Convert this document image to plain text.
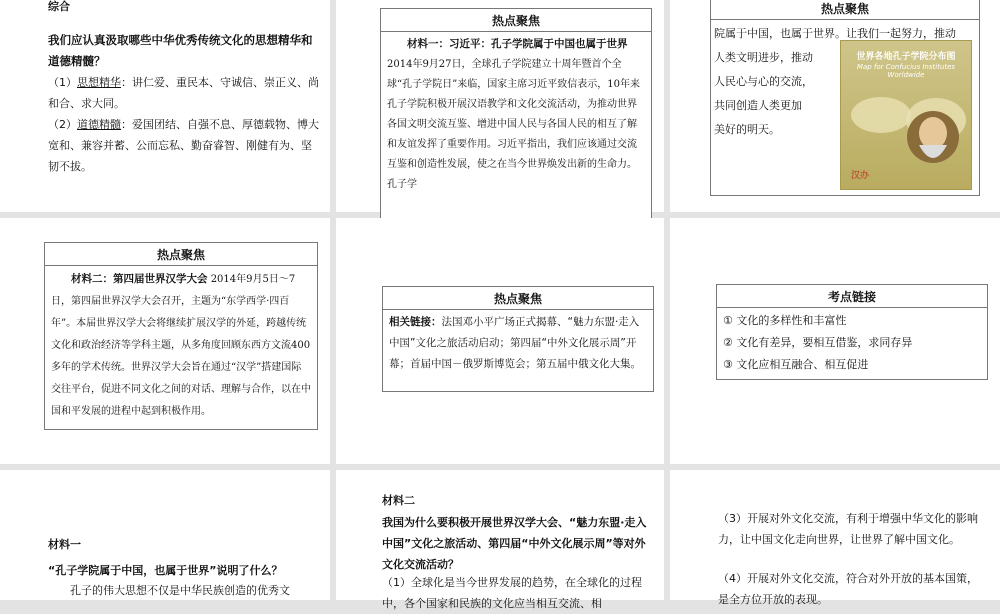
综合
我们应认真汲取哪些中华优秀传统文化的思想精华和道德精髓？
（1）思想精华：讲仁爱、重民本、守诚信、崇正义、尚和合、求大同。
（2）道德精髓：爱国团结、自强不息、厚德载物、博大宽和、兼容并蓄、公而忘私、勤奋睿智、刚健有为、坚韧不拔。
热点聚焦
材料一：习近平：孔子学院属于中国也属于世界 2014年9月27日，全球孔子学院建立十周年暨首个全球“孔子学院日”来临，国家主席习近平致信表示，10年来孔子学院积极开展汉语教学和文化交流活动，为推动世界各国文明交流互鉴、增进中国人民与各国人民的相互了解和友谊发挥了重要作用。习近平指出，我们应该通过交流互鉴和创造性发展，使之在当今世界焕发出新的生命力。孔子学
热点聚焦
院属于中国，也属于世界。让我们一起努力，推动
人类文明进步，推动
人民心与心的交流，
共同创造人类更加
美好的明天。
世界各地孔子学院分布图
Map for Confucius Institutes Worldwide
汉办
热点聚焦
材料二：第四届世界汉学大会 2014年9月5日～7日，第四届世界汉学大会召开，主题为“东学西学·四百年”。本届世界汉学大会将继续扩展汉学的外延，跨越传统文化和政治经济等学科主题，从多角度回顾东西方文流400多年的学术传统。世界汉学大会旨在通过“汉学”搭建国际交往平台，促进不同文化之间的对话、理解与合作，以在中国和平发展的进程中起到积极作用。
热点聚焦
相关链接：法国邓小平广场正式揭幕、“魅力东盟·走入中国”文化之旅活动启动；第四届“中外文化展示周”开幕；首届中国－俄罗斯博览会；第五届中俄文化大集。
考点链接
① 文化的多样性和丰富性
② 文化有差异，要相互借鉴，求同存异
③ 文化应相互融合、相互促进
材料一
“孔子学院属于中国，也属于世界”说明了什么？
孔子的伟大思想不仅是中华民族创造的优秀文
材料二
我国为什么要积极开展世界汉学大会、“魅力东盟·走入中国”文化之旅活动、第四届“中外文化展示周”等对外文化交流活动？
（1）全球化是当今世界发展的趋势，在全球化的过程中，各个国家和民族的文化应当相互交流、相
（3）开展对外文化交流，有利于增强中华文化的影响力，让中国文化走向世界，让世界了解中国文化。
（4）开展对外文化交流，符合对外开放的基本国策，是全方位开放的表现。
